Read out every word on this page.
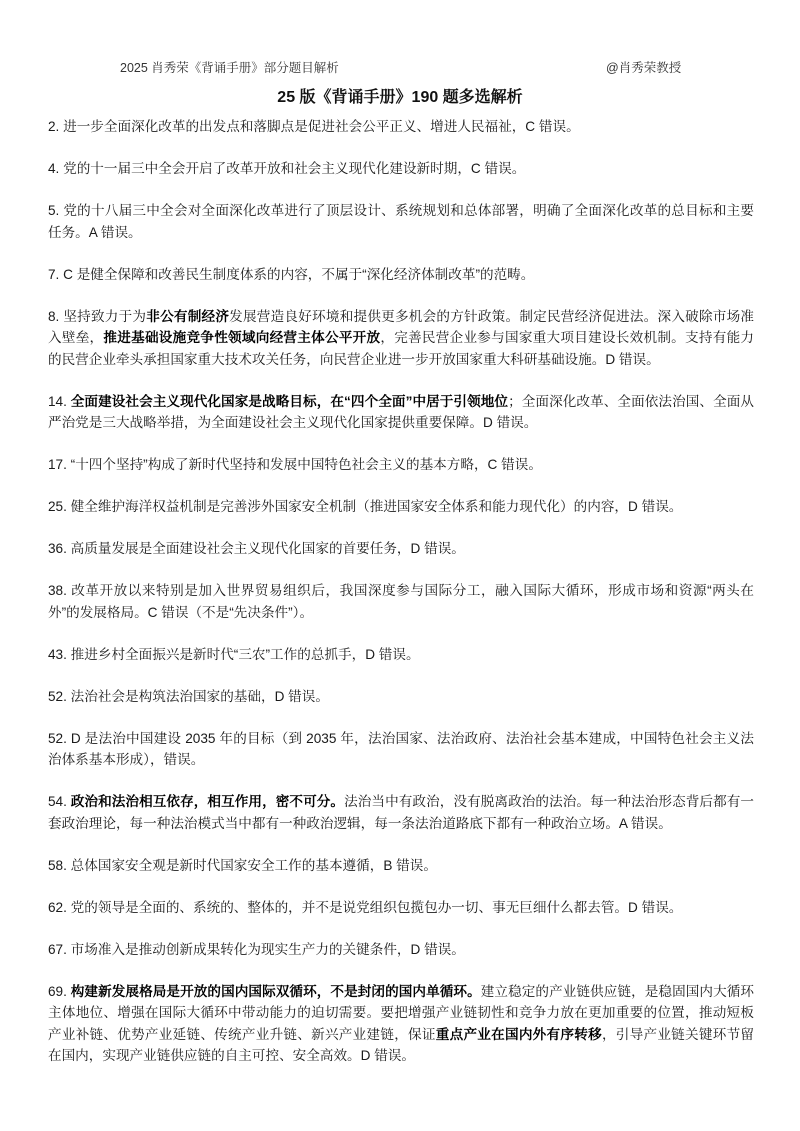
2025 肖秀荣《背诵手册》部分题目解析	@肖秀荣教授
25 版《背诵手册》190 题多选解析

2. 进一步全面深化改革的出发点和落脚点是促进社会公平正义、增进人民福祉，C 错误。

4. 党的十一届三中全会开启了改革开放和社会主义现代化建设新时期，C 错误。

5. 党的十八届三中全会对全面深化改革进行了顶层设计、系统规划和总体部署，明确了全面深化改革的总目标和主要任务。A 错误。

7. C 是健全保障和改善民生制度体系的内容，不属于“深化经济体制改革”的范畴。

8. 坚持致力于为非公有制经济发展营造良好环境和提供更多机会的方针政策。制定民营经济促进法。深入破除市场准入壁垒，推进基础设施竞争性领域向经营主体公平开放，完善民营企业参与国家重大项目建设长效机制。支持有能力的民营企业牵头承担国家重大技术攻关任务，向民营企业进一步开放国家重大科研基础设施。D 错误。

14. 全面建设社会主义现代化国家是战略目标，在“四个全面”中居于引领地位；全面深化改革、全面依法治国、全面从严治党是三大战略举措，为全面建设社会主义现代化国家提供重要保障。D 错误。

17. “十四个坚持”构成了新时代坚持和发展中国特色社会主义的基本方略，C 错误。

25. 健全维护海洋权益机制是完善涉外国家安全机制（推进国家安全体系和能力现代化）的内容，D 错误。

36. 高质量发展是全面建设社会主义现代化国家的首要任务，D 错误。

38. 改革开放以来特别是加入世界贸易组织后，我国深度参与国际分工，融入国际大循环，形成市场和资源“两头在外”的发展格局。C 错误（不是“先决条件”）。

43. 推进乡村全面振兴是新时代“三农”工作的总抓手，D 错误。

52. 法治社会是构筑法治国家的基础，D 错误。

52. D 是法治中国建设 2035 年的目标（到 2035 年，法治国家、法治政府、法治社会基本建成，中国特色社会主义法治体系基本形成），错误。

54. 政治和法治相互依存，相互作用，密不可分。法治当中有政治，没有脱离政治的法治。每一种法治形态背后都有一套政治理论，每一种法治模式当中都有一种政治逻辑，每一条法治道路底下都有一种政治立场。A 错误。

58. 总体国家安全观是新时代国家安全工作的基本遵循，B 错误。

62. 党的领导是全面的、系统的、整体的，并不是说党组织包揽包办一切、事无巨细什么都去管。D 错误。

67. 市场准入是推动创新成果转化为现实生产力的关键条件，D 错误。

69. 构建新发展格局是开放的国内国际双循环，不是封闭的国内单循环。建立稳定的产业链供应链，是稳固国内大循环主体地位、增强在国际大循环中带动能力的迫切需要。要把增强产业链韧性和竞争力放在更加重要的位置，推动短板产业补链、优势产业延链、传统产业升链、新兴产业建链，保证重点产业在国内外有序转移，引导产业链关键环节留在国内，实现产业链供应链的自主可控、安全高效。D 错误。
